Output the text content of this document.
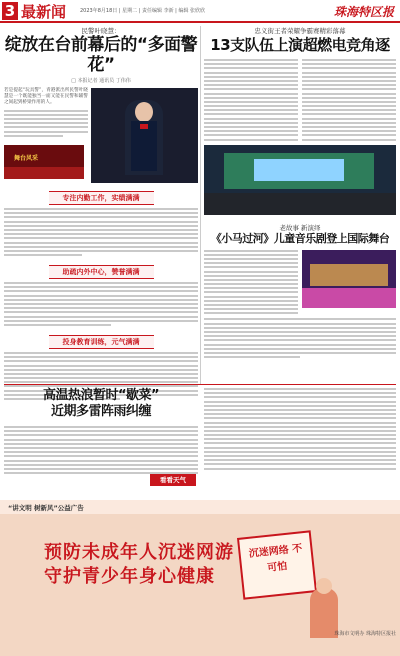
3 最新闻	2023年8月18日 | 星期二 | 责任编辑 李新 | 编辑 张欣欣	珠海特区报
民警叶晓慧：
绽放在台前幕后的“多面警花”
□ 本报记者 通讯员 丁伟伟
若是提起“玩具警”，青港派出所民警叶晓慧是一个既能独当一面又能在民警和辅警之间起到桥梁作用的人。
舞台风采
专注内勤工作，实绩满满
助疏内外中心，赞誉满满
投身教育训练，元气满满
忠义街王者荣耀争霸赛精彩落幕
13支队伍上演超燃电竞角逐
老故事 新演绎
《小马过河》儿童音乐剧登上国际舞台
高温热浪暂时“歇菜”
近期多雷阵雨纠缠
看看天气
“讲文明 树新风”公益广告
预防未成年人沉迷网游
守护青少年身心健康
沉迷网络 不可怕
珠海市文明办 珠海特区报社
